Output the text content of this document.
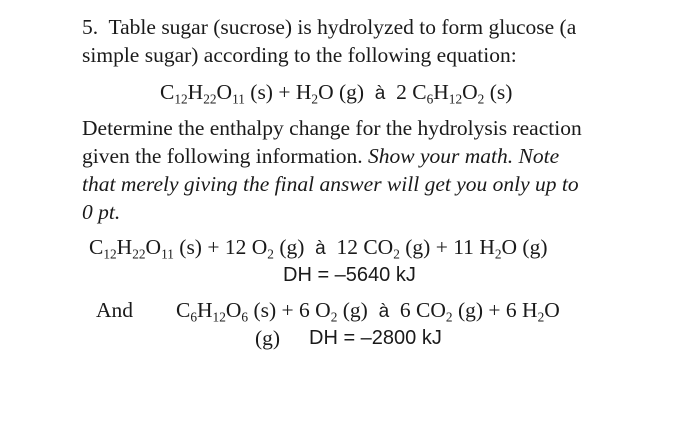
5. Table sugar (sucrose) is hydrolyzed to form glucose (a
simple sugar) according to the following equation:
$C_{12}H_{22}O_{11}$ $(s) + H_2O$ (g) à 2 $C_6H_{12}O_2$ (s)
Determine the enthalpy change for the hydrolysis reaction
given the following information. Show your math. Note
that merely giving the final answer will get you only up to
0 pt.
$C_{12}H_{22}O_{11}$ (s) + 12 $O_2$ (g) à 12 $CO_2$ (g) + 11 $H_2O$ (g)
DH = –5640 kJ
And $C_6H_{12}O_6$ (s) + 6 $O_2$ (g) à 6 $CO_2$ (g) + 6 $H_2O$
(g) DH = –2800 kJ
